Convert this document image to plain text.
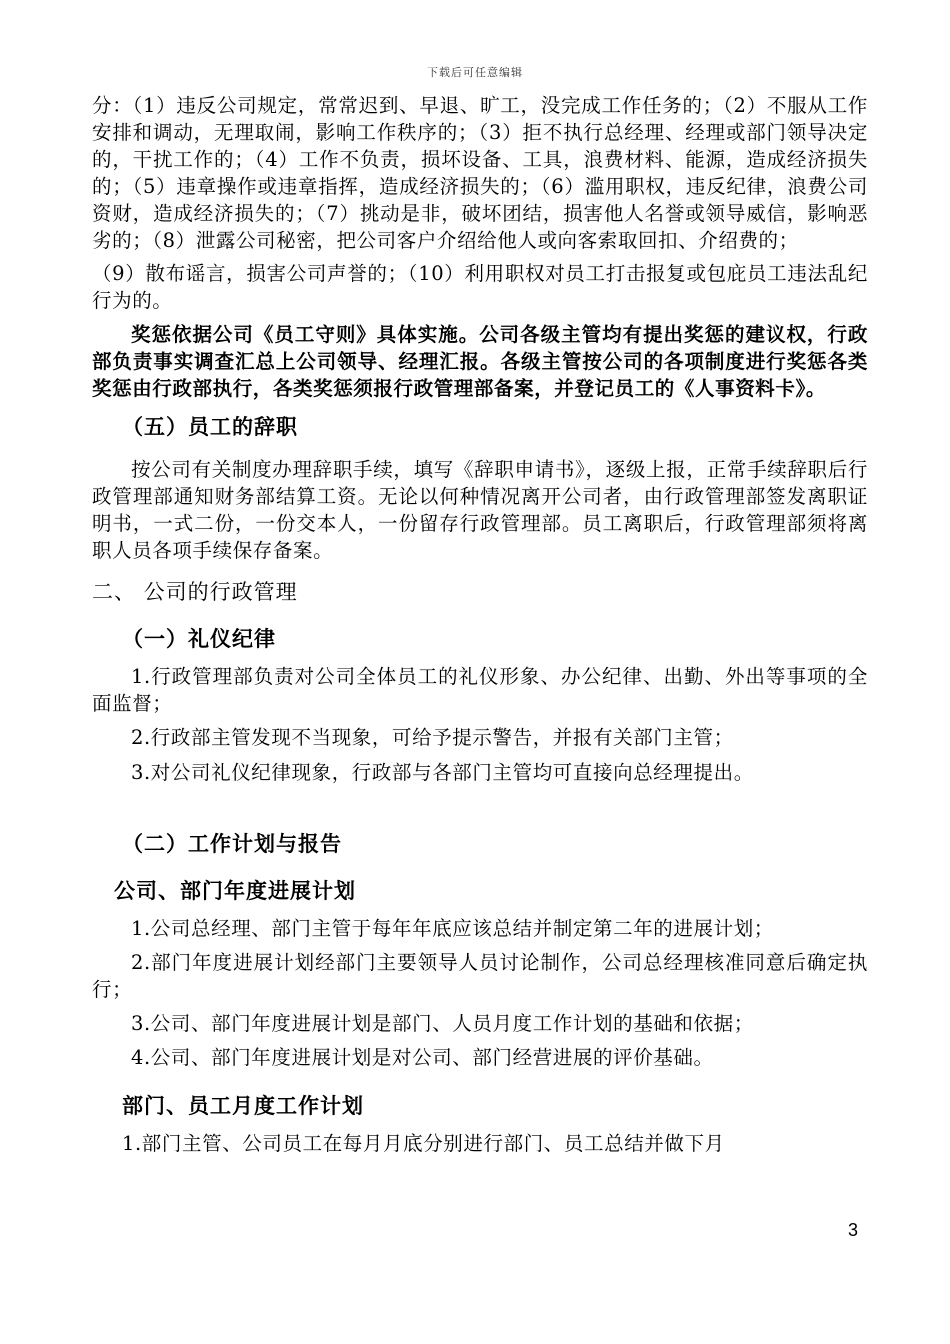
下载后可任意编辑

分：（1）违反公司规定，常常迟到、早退、旷工，没完成工作任务的；（2）不服从工作安排和调动，无理取闹，影响工作秩序的；（3）拒不执行总经理、经理或部门领导决定的，干扰工作的；（4）工作不负责，损坏设备、工具，浪费材料、能源，造成经济损失的；（5）违章操作或违章指挥，造成经济损失的；（6）滥用职权，违反纪律，浪费公司资财，造成经济损失的；（7）挑动是非，破坏团结，损害他人名誉或领导威信，影响恶劣的；（8）泄露公司秘密，把公司客户介绍给他人或向客索取回扣、介绍费的；

（9）散布谣言，损害公司声誉的；（10）利用职权对员工打击报复或包庇员工违法乱纪行为的。

奖惩依据公司《员工守则》具体实施。公司各级主管均有提出奖惩的建议权，行政部负责事实调查汇总上公司领导、经理汇报。各级主管按公司的各项制度进行奖惩各类奖惩由行政部执行，各类奖惩须报行政管理部备案，并登记员工的《人事资料卡》。

（五）员工的辞职

按公司有关制度办理辞职手续，填写《辞职申请书》，逐级上报，正常手续辞职后行政管理部通知财务部结算工资。无论以何种情况离开公司者，由行政管理部签发离职证明书，一式二份，一份交本人，一份留存行政管理部。员工离职后，行政管理部须将离职人员各项手续保存备案。

二、 公司的行政管理

（一）礼仪纪律

1.行政管理部负责对公司全体员工的礼仪形象、办公纪律、出勤、外出等事项的全面监督；

2.行政部主管发现不当现象，可给予提示警告，并报有关部门主管；

3.对公司礼仪纪律现象，行政部与各部门主管均可直接向总经理提出。

（二）工作计划与报告

公司、部门年度进展计划

1.公司总经理、部门主管于每年年底应该总结并制定第二年的进展计划；

2.部门年度进展计划经部门主要领导人员讨论制作，公司总经理核准同意后确定执行；

3.公司、部门年度进展计划是部门、人员月度工作计划的基础和依据；

4.公司、部门年度进展计划是对公司、部门经营进展的评价基础。

部门、员工月度工作计划

1.部门主管、公司员工在每月月底分别进行部门、员工总结并做下月

3
